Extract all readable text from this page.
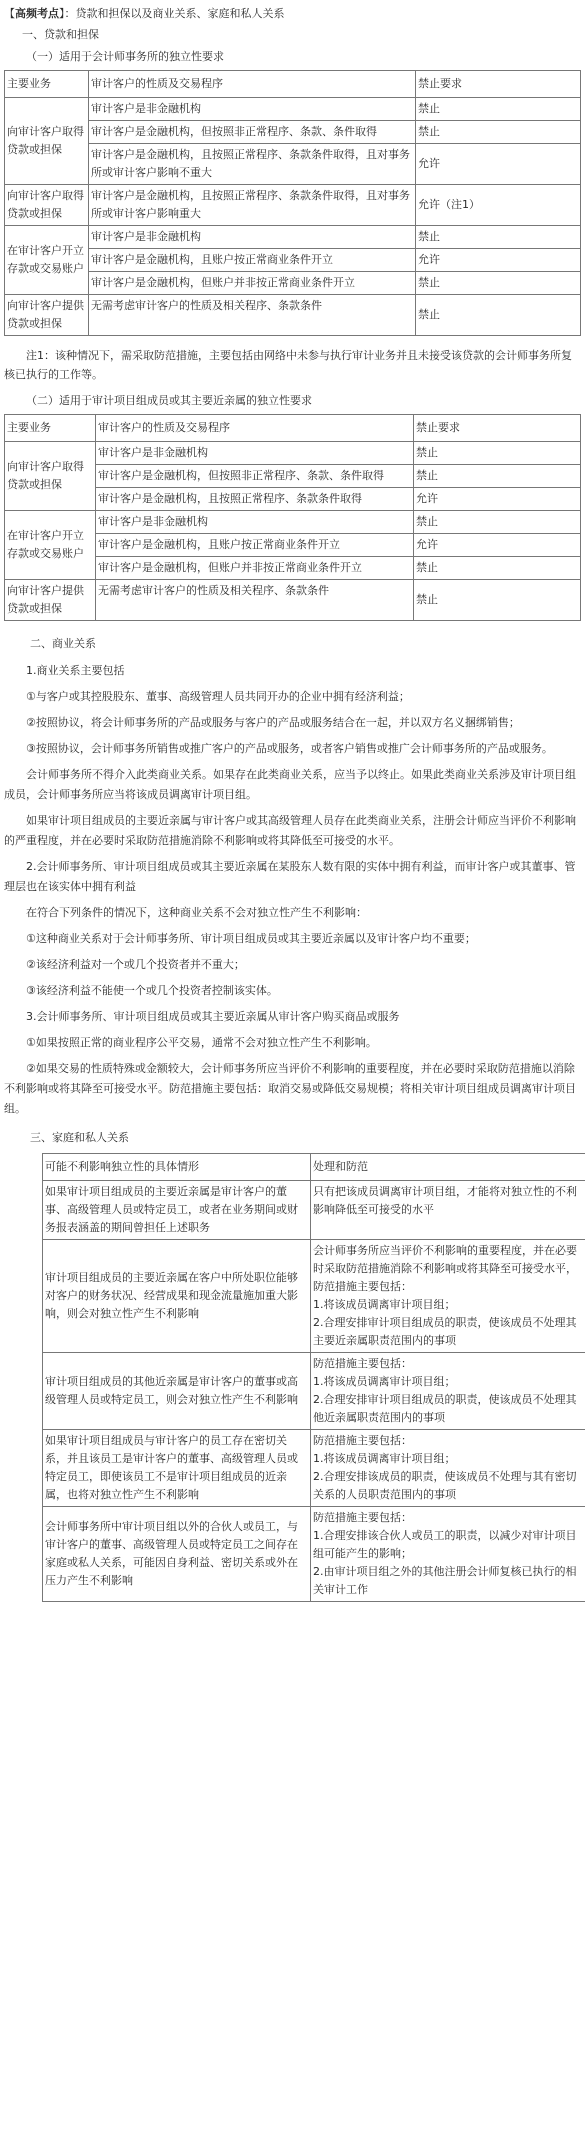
【高频考点】：贷款和担保以及商业关系、家庭和私人关系
一、贷款和担保
（一）适用于会计师事务所的独立性要求
主要业务	审计客户的性质及交易程序	禁止要求
向审计客户取得贷款或担保	审计客户是非金融机构	禁止
	审计客户是金融机构，但按照非正常程序、条款、条件取得	禁止
	审计客户是金融机构，且按照正常程序、条款条件取得，且对事务所或审计客户影响不重大	允许
向审计客户取得贷款或担保	审计客户是金融机构，且按照正常程序、条款条件取得，且对事务所或审计客户影响重大	允许（注1）
在审计客户开立存款或交易账户	审计客户是非金融机构	禁止
	审计客户是金融机构，且账户按正常商业条件开立	允许
	审计客户是金融机构，但账户并非按正常商业条件开立	禁止
向审计客户提供贷款或担保	无需考虑审计客户的性质及相关程序、条款条件	禁止
注1：该种情况下，需采取防范措施，主要包括由网络中未参与执行审计业务并且未接受该贷款的会计师事务所复核已执行的工作等。
（二）适用于审计项目组成员或其主要近亲属的独立性要求
主要业务	审计客户的性质及交易程序	禁止要求
向审计客户取得贷款或担保	审计客户是非金融机构	禁止
	审计客户是金融机构，但按照非正常程序、条款、条件取得	禁止
	审计客户是金融机构，且按照正常程序、条款条件取得	允许
在审计客户开立存款或交易账户	审计客户是非金融机构	禁止
	审计客户是金融机构，且账户按正常商业条件开立	允许
	审计客户是金融机构，但账户并非按正常商业条件开立	禁止
向审计客户提供贷款或担保	无需考虑审计客户的性质及相关程序、条款条件	禁止
二、商业关系
1.商业关系主要包括
①与客户或其控股股东、董事、高级管理人员共同开办的企业中拥有经济利益；
②按照协议，将会计师事务所的产品或服务与客户的产品或服务结合在一起，并以双方名义捆绑销售；
③按照协议，会计师事务所销售或推广客户的产品或服务，或者客户销售或推广会计师事务所的产品或服务。
会计师事务所不得介入此类商业关系。如果存在此类商业关系，应当予以终止。如果此类商业关系涉及审计项目组成员，会计师事务所应当将该成员调离审计项目组。
如果审计项目组成员的主要近亲属与审计客户或其高级管理人员存在此类商业关系，注册会计师应当评价不利影响的严重程度，并在必要时采取防范措施消除不利影响或将其降低至可接受的水平。
2.会计师事务所、审计项目组成员或其主要近亲属在某股东人数有限的实体中拥有利益，而审计客户或其董事、管理层也在该实体中拥有利益
在符合下列条件的情况下，这种商业关系不会对独立性产生不利影响：
①这种商业关系对于会计师事务所、审计项目组成员或其主要近亲属以及审计客户均不重要；
②该经济利益对一个或几个投资者并不重大；
③该经济利益不能使一个或几个投资者控制该实体。
3.会计师事务所、审计项目组成员或其主要近亲属从审计客户购买商品或服务
①如果按照正常的商业程序公平交易，通常不会对独立性产生不利影响。
②如果交易的性质特殊或金额较大，会计师事务所应当评价不利影响的重要程度，并在必要时采取防范措施以消除不利影响或将其降至可接受水平。防范措施主要包括：取消交易或降低交易规模；将相关审计项目组成员调离审计项目组。
三、家庭和私人关系
可能不利影响独立性的具体情形	处理和防范
如果审计项目组成员的主要近亲属是审计客户的董事、高级管理人员或特定员工，或者在业务期间或财务报表涵盖的期间曾担任上述职务	只有把该成员调离审计项目组，才能将对独立性的不利影响降低至可接受的水平
审计项目组成员的主要近亲属在客户中所处职位能够对客户的财务状况、经营成果和现金流量施加重大影响，则会对独立性产生不利影响	会计师事务所应当评价不利影响的重要程度，并在必要时采取防范措施消除不利影响或将其降至可接受水平，防范措施主要包括：
1.将该成员调离审计项目组；
2.合理安排审计项目组成员的职责，使该成员不处理其主要近亲属职责范围内的事项
审计项目组成员的其他近亲属是审计客户的董事或高级管理人员或特定员工，则会对独立性产生不利影响	防范措施主要包括：
1.将该成员调离审计项目组；
2.合理安排审计项目组成员的职责，使该成员不处理其他近亲属职责范围内的事项
如果审计项目组成员与审计客户的员工存在密切关系，并且该员工是审计客户的董事、高级管理人员或特定员工，即使该员工不是审计项目组成员的近亲属，也将对独立性产生不利影响	防范措施主要包括：
1.将该成员调离审计项目组；
2.合理安排该成员的职责，使该成员不处理与其有密切关系的人员职责范围内的事项
会计师事务所中审计项目组以外的合伙人或员工，与审计客户的董事、高级管理人员或特定员工之间存在家庭或私人关系，可能因自身利益、密切关系或外在压力产生不利影响	防范措施主要包括：
1.合理安排该合伙人或员工的职责，以减少对审计项目组可能产生的影响；
2.由审计项目组之外的其他注册会计师复核已执行的相关审计工作
